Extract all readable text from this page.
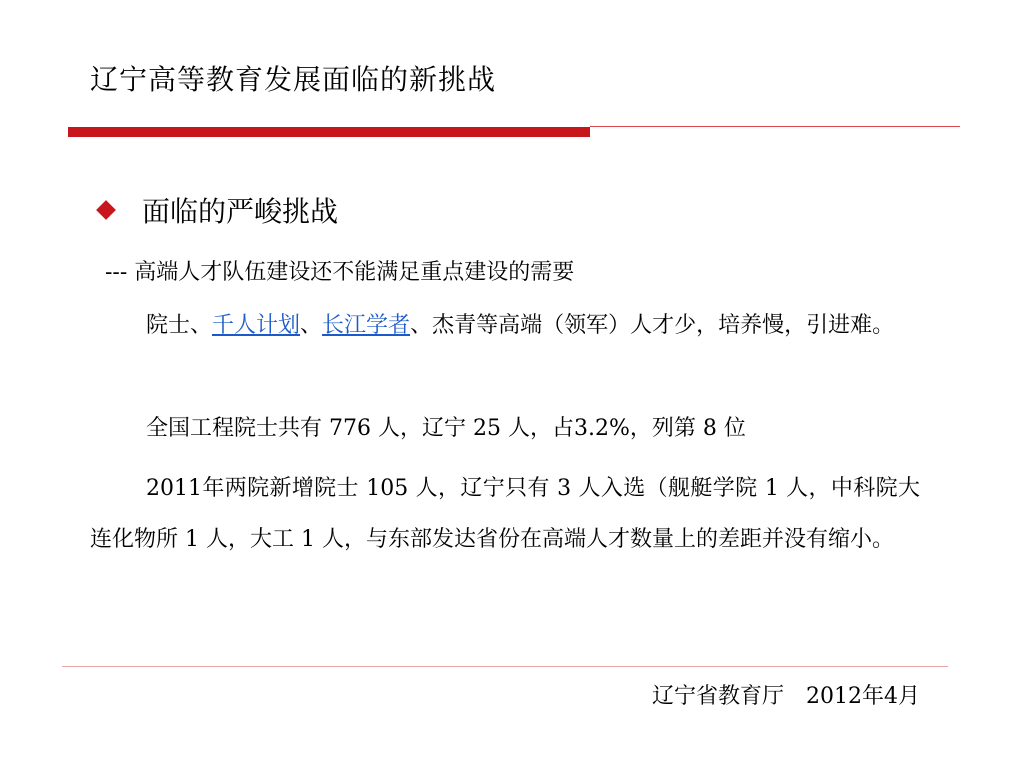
辽宁高等教育发展面临的新挑战
面临的严峻挑战
--- 高端人才队伍建设还不能满足重点建设的需要

院士、千人计划、长江学者、杰青等高端（领军）人才少，培养慢，引进难。

全国工程院士共有 776 人，辽宁 25 人，占3.2%，列第 8 位

2011年两院新增院士 105 人，辽宁只有 3 人入选（舰艇学院 1 人，中科院大连化物所 1 人，大工 1 人，与东部发达省份在高端人才数量上的差距并没有缩小。

辽宁省教育厅　2012年4月
